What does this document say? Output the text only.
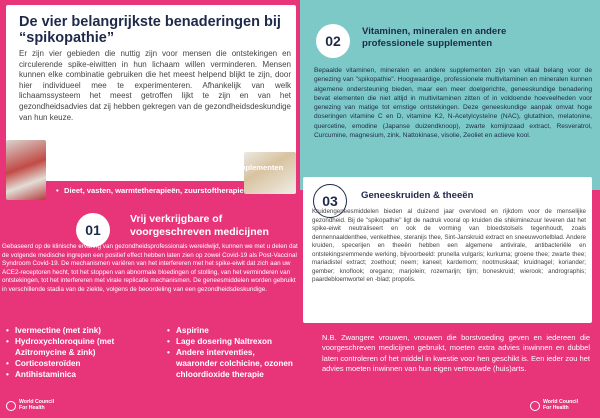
De vier belangrijkste benaderingen bij “spikopathie”
Er zijn vier gebieden die nuttig zijn voor mensen die ontstekingen en circulerende spike-eiwitten in hun lichaam willen verminderen. Mensen kunnen elke combinatie gebruiken die het meest helpend blijkt te zijn, door hier individueel mee te experimenteren. Afhankelijk van welk lichaamssysteem het meest getroffen lijkt te zijn en van het gezondheidsadvies dat zij hebben gekregen van de gezondheidsdeskundige van hun keuze.
• Vrij verkrijgbare of voorgeschreven medicijnen
• Vitaminen, mineralen en andere professionele supplementen
• Geneeskruiden & theeën
• Dieet, vasten, warmtetherapieën, zuurstoftherapie
01
Vrij verkrijgbare of
voorgeschreven medicijnen
Gebaseerd op de klinische ervaring van gezondheidsprofessionals wereldwijd, kunnen we met u delen dat de volgende medische ingrepen een positief effect hebben laten zien op zowel Covid-19 als Post-Vaccinal Syndroom Covid-19. De mechanismen variëren van het interfereren met het spike-eiwit dat zich aan uw ACE2-receptoren hecht, tot het stoppen van abnormale bloedingen of stolling, van het verminderen van ontstekingen, tot het interfereren met virale replicatie mechanismen. De geneesmiddelen worden gebruikt in verschillende stadia van de ziekte, volgens de beoordeling van een gezondheidsdeskundige.
• Ivermectine (met zink)
• Hydroxychloroquine (met Azitromycine & zink)
• Corticosteroïden
• Antihistaminica
• Aspirine
• Lage dosering Naltrexon
• Andere interventies, waaronder colchicine, ozonen chloordioxide therapie
02
Vitaminen, mineralen en andere
professionele supplementen
Bepaalde vitaminen, mineralen en andere supplementen zijn van vitaal belang voor de genezing van "spikopathie". Hoogwaardige, professionele multivitaminen en mineralen kunnen algemene ondersteuning bieden, maar een meer doelgerichte, geneeskundige benadering bevat elementen die niet altijd in multivitaminen zitten of in voldoende hoeveelheden voor genezing van matige tot ernstige ontstekingen. Deze geneeskundige aanpak omvat hoge doseringen vitamine C en D, vitamine K2, N-Acetylcysteïne (NAC), glutathion, melatonine, quercetine, emodine (Japanse duizendknoop), zwarte komijnzaad extract, Resveratrol, Curcumine, magnesium, zink, Nattokinase, visolie, Zeoliet en actieve kool.
03	Geneeskruiden & theeën
Kruidengeneesmiddelen bieden al duizend jaar overvloed en rijkdom voor de menselijke gezondheid. Bij de "spikopathie" ligt de nadruk vooral op kruiden die shikiminezuur leveren dat het spike-eiwit neutraliseert en ook de vorming van bloedstolsels tegenhoudt, zoals dennennaaldenthee, venkelthee, steranijs thee, Sint-Janskruid extract en sneeuwvortelblad. Andere kruiden, specerijen en theeën hebben een algemene antivirale, antibacteriële en ontstekingsremmende werking, bijvoorbeeld: prunella vulgaris; kurkuma; groene thee; zwarte thee; mariadistel extract; zoethout; neem; kaneel; kardemom; nootmuskaat; kruidnagel; koriander; gember; knoflook; oregano; marjolein; rozemarijn; tijm; boneskruid; wierook; andrographis; paardebloemwortel en -blad; propolis.
N.B. Zwangere vrouwen, vrouwen die borstvoeding geven en iedereen die voorgeschreven medicijnen gebruikt, moeten extra advies inwinnen en dubbel laten controleren of het middel in kwestie voor hen geschikt is. Een ieder zou het advies moeten inwinnen van hun eigen vertrouwde (huis)arts.
World Council
For Health
World Council
For Health
